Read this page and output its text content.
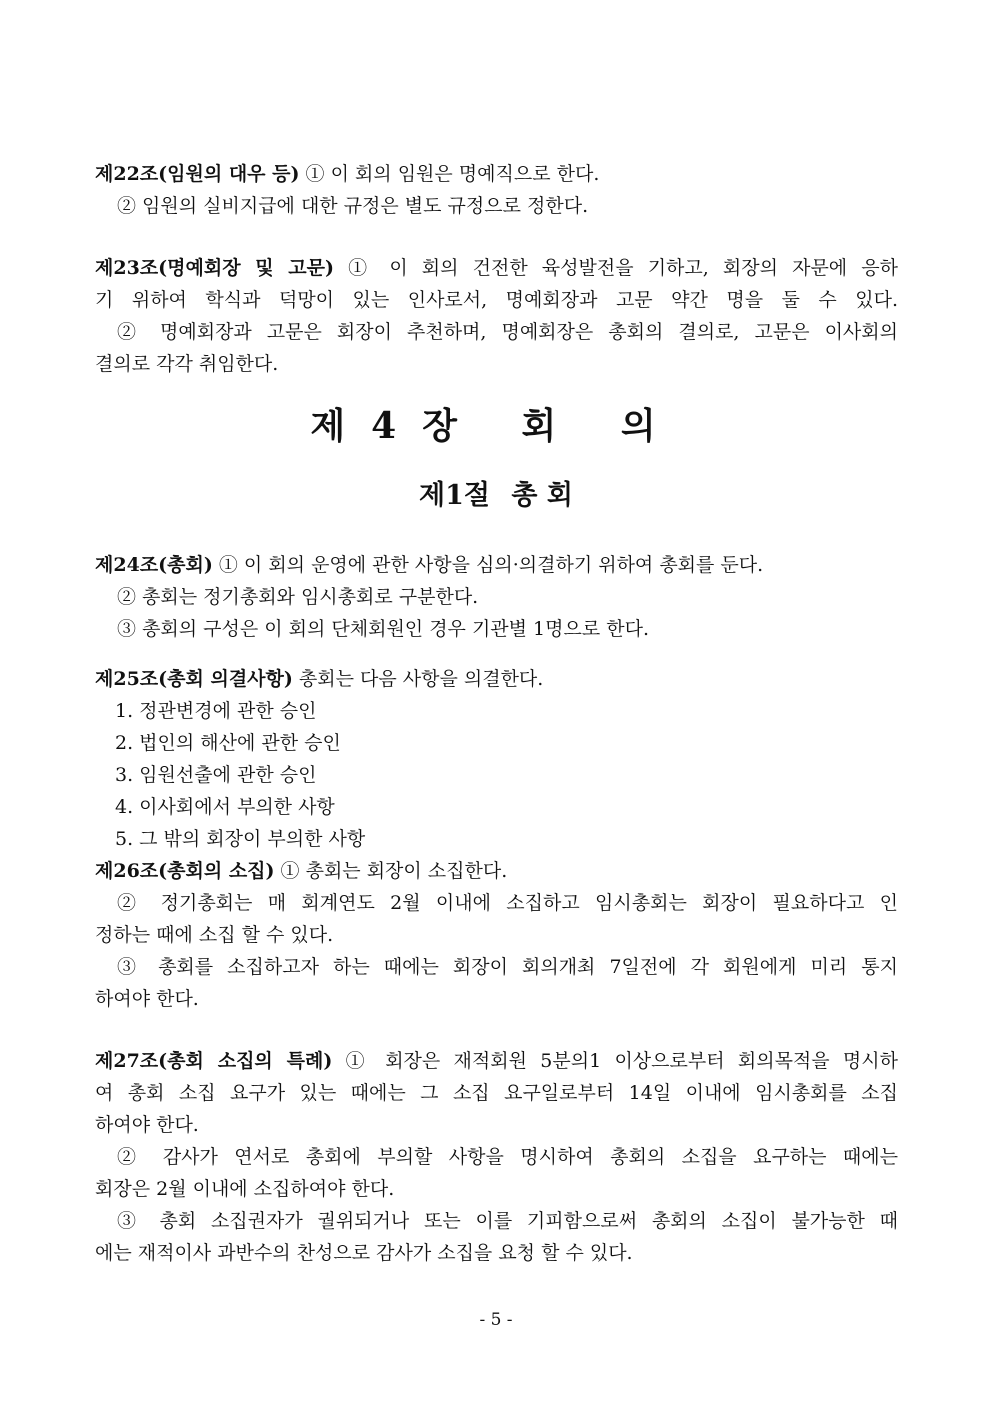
제22조(임원의 대우 등) ① 이 회의 임원은 명예직으로 한다.
② 임원의 실비지급에 대한 규정은 별도 규정으로 정한다.
제23조(명예회장 및 고문) ① 이 회의 건전한 육성발전을 기하고, 회장의 자문에 응하
기 위하여 학식과 덕망이 있는 인사로서, 명예회장과 고문 약간 명을 둘 수 있다.
② 명예회장과 고문은 회장이 추천하며, 명예회장은 총회의 결의로, 고문은 이사회의
결의로 각각 취임한다.
제4장 회 의
제1절 총 회
제24조(총회) ① 이 회의 운영에 관한 사항을 심의·의결하기 위하여 총회를 둔다.
② 총회는 정기총회와 임시총회로 구분한다.
③ 총회의 구성은 이 회의 단체회원인 경우 기관별 1명으로 한다.
제25조(총회 의결사항) 총회는 다음 사항을 의결한다.
1. 정관변경에 관한 승인
2. 법인의 해산에 관한 승인
3. 임원선출에 관한 승인
4. 이사회에서 부의한 사항
5. 그 밖의 회장이 부의한 사항
제26조(총회의 소집) ① 총회는 회장이 소집한다.
② 정기총회는 매 회계연도 2월 이내에 소집하고 임시총회는 회장이 필요하다고 인
정하는 때에 소집 할 수 있다.
③ 총회를 소집하고자 하는 때에는 회장이 회의개최 7일전에 각 회원에게 미리 통지
하여야 한다.
제27조(총회 소집의 특례) ① 회장은 재적회원 5분의1 이상으로부터 회의목적을 명시하
여 총회 소집 요구가 있는 때에는 그 소집 요구일로부터 14일 이내에 임시총회를 소집
하여야 한다.
② 감사가 연서로 총회에 부의할 사항을 명시하여 총회의 소집을 요구하는 때에는
회장은 2월 이내에 소집하여야 한다.
③ 총회 소집권자가 궐위되거나 또는 이를 기피함으로써 총회의 소집이 불가능한 때
에는 재적이사 과반수의 찬성으로 감사가 소집을 요청 할 수 있다.
- 5 -
